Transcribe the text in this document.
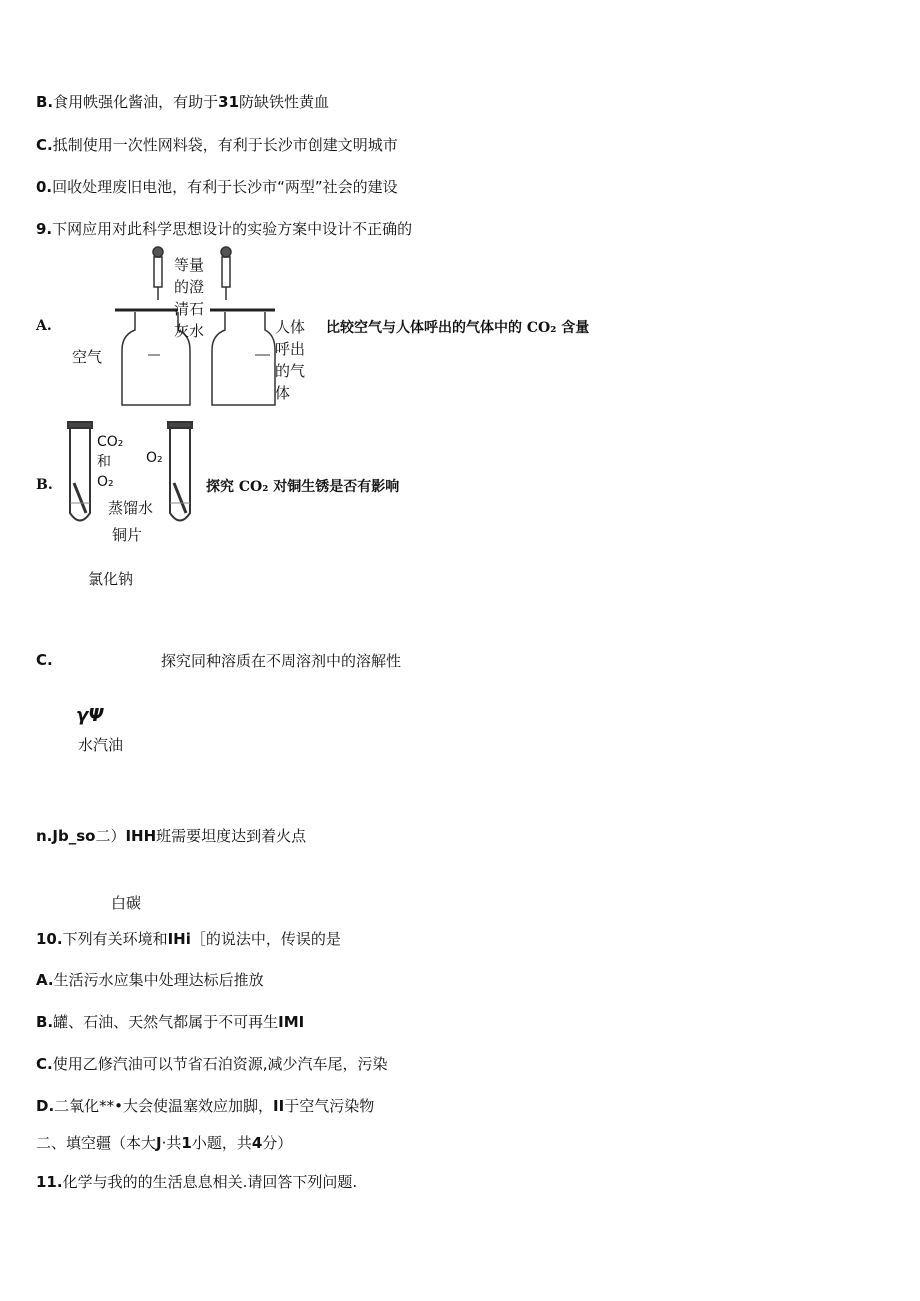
B.食用帙强化酱油，有助于31防缺铁性黄血
C.抵制使用一次性网料袋，有利于长沙市创建文明城市
0.回收处理废旧电池，有利于长沙市“两型”社会的建设
9.下网应用对此科学思想设计的实验方案中设计不正确的
A.
等量
的澄
清石
灰水
空气
人体
呼出
的气
体
比较空气与人体呼出的气体中的 CO₂ 含量
B.
CO₂
和
O₂
O₂
蒸馏水
铜片
探究 CO₂ 对铜生锈是否有影响
氯化钠
C.	探究同种溶质在不周溶剂中的溶解性
γΨ
水汽油
n.Jb_so二）IHH班需要坦度达到着火点
白碳
10.下列有关环境和IHi［的说法中，传误的是
A.生活污水应集中处理达标后推放
B.罐、石油、天然气都属于不可再生IMI
C.使用乙修汽油可以节省石泊资源,减少汽车尾，污染
D.二氧化**•大会使温塞效应加脚，II于空气污染物
二、填空疆（本大J·共1小题，共4分）
11.化学与我的的生活息息相关.请回答下列问题.
